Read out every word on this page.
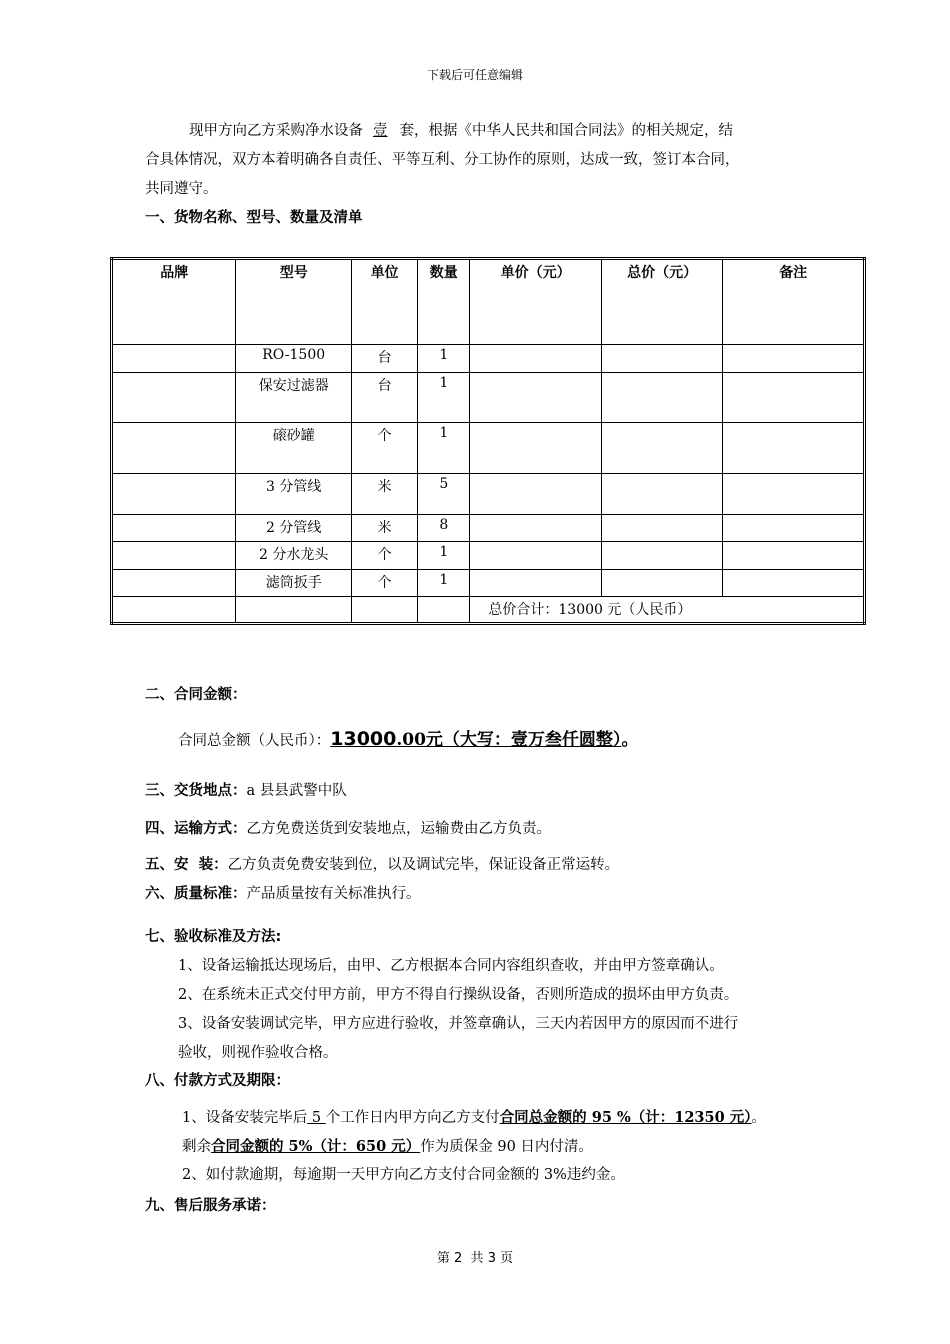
下载后可任意编辑
现甲方向乙方采购净水设备 壹 套，根据《中华人民共和国合同法》的相关规定，结
合具体情况，双方本着明确各自责任、平等互利、分工协作的原则，达成一致，签订本合同，
共同遵守。
一、货物名称、型号、数量及清单
品牌	型号	单位	数量	单价（元）	总价（元）	备注
	RO-1500	台	1			
	保安过滤器	台	1			
	磙砂罐	个	1			
	3 分管线	米	5			
	2 分管线	米	8			
	2 分水龙头	个	1			
	滤筒扳手	个	1			
				总价合计：13000 元（人民币）		
二、合同金额：
合同总金额（人民币）：13000.00元（大写：壹万叁仟圆整）。
三、交货地点：a 县县武警中队
四、运输方式：乙方免费送货到安装地点，运输费由乙方负责。
五、安  装：乙方负责免费安装到位，以及调试完毕，保证设备正常运转。
六、质量标准：产品质量按有关标准执行。
七、验收标准及方法:
1、设备运输抵达现场后，由甲、乙方根据本合同内容组织查收，并由甲方签章确认。
2、在系统未正式交付甲方前，甲方不得自行操纵设备，否则所造成的损坏由甲方负责。
3、设备安装调试完毕，甲方应进行验收，并签章确认，三天内若因甲方的原因而不进行
验收，则视作验收合格。
八、付款方式及期限：
1、设备安装完毕后 5 个工作日内甲方向乙方支付合同总金额的 95 %（计：12350 元）。
剩余合同金额的 5%（计：650 元）作为质保金 90 日内付清。
2、如付款逾期，每逾期一天甲方向乙方支付合同金额的 3%违约金。
九、售后服务承诺：
第 2  共 3 页
